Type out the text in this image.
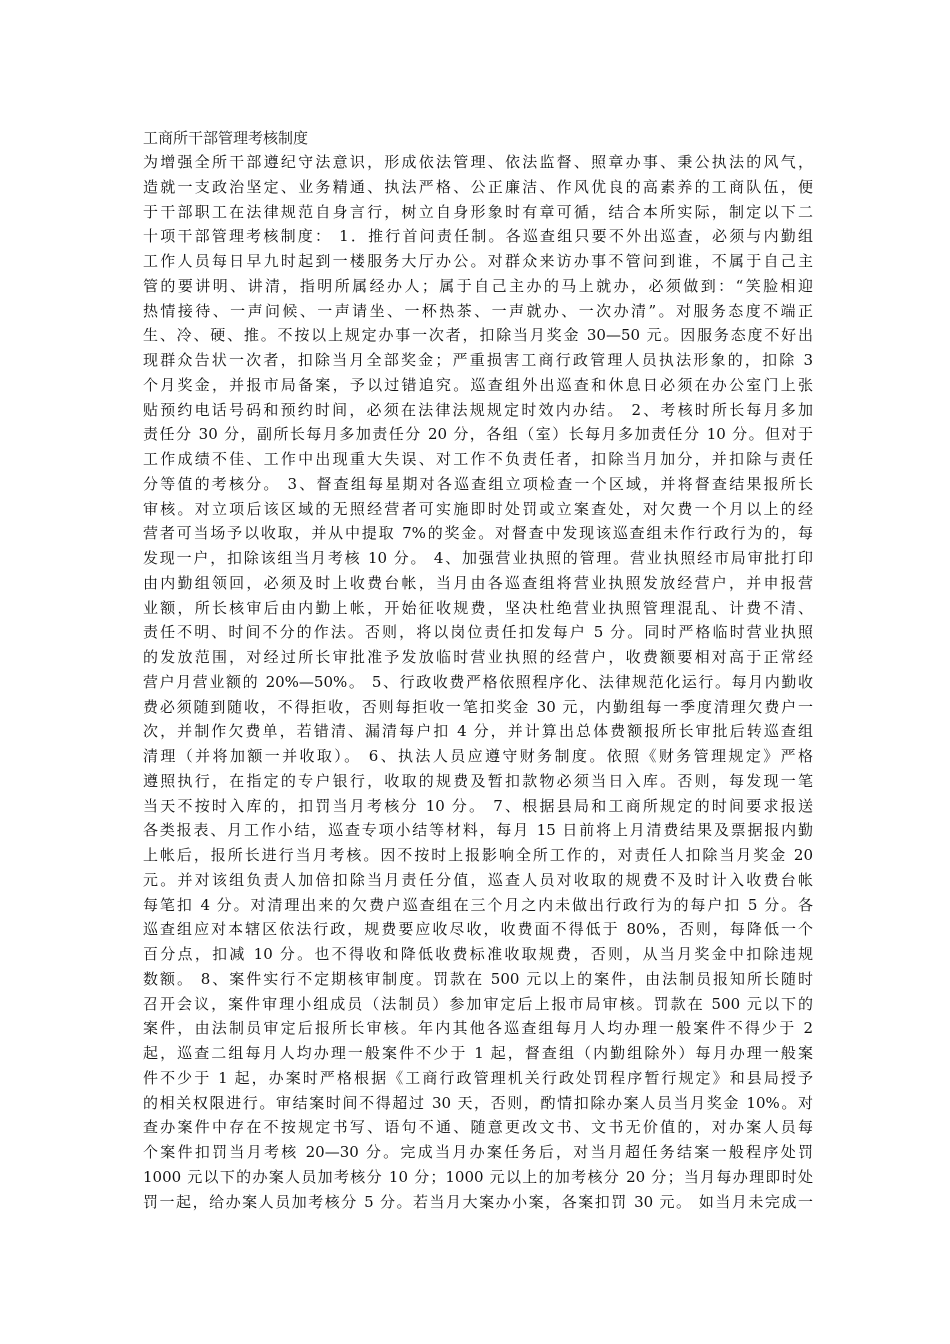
工商所干部管理考核制度
为增强全所干部遵纪守法意识，形成依法管理、依法监督、照章办事、秉公执法的风气，
造就一支政治坚定、业务精通、执法严格、公正廉洁、作风优良的高素养的工商队伍，便
于干部职工在法律规范自身言行，树立自身形象时有章可循，结合本所实际，制定以下二
十项干部管理考核制度： 1．推行首问责任制。各巡查组只要不外出巡查，必须与内勤组
工作人员每日早九时起到一楼服务大厅办公。对群众来访办事不管问到谁，不属于自己主
管的要讲明、讲清，指明所属经办人；属于自己主办的马上就办，必须做到：“笑脸相迎
热情接待、一声问候、一声请坐、一杯热茶、一声就办、一次办清”。对服务态度不端正
生、冷、硬、推。不按以上规定办事一次者，扣除当月奖金 30—50 元。因服务态度不好出
现群众告状一次者，扣除当月全部奖金；严重损害工商行政管理人员执法形象的，扣除 3
个月奖金，并报市局备案，予以过错追究。巡查组外出巡查和休息日必须在办公室门上张
贴预约电话号码和预约时间，必须在法律法规规定时效内办结。 2、考核时所长每月多加
责任分 30 分，副所长每月多加责任分 20 分，各组（室）长每月多加责任分 10 分。但对于
工作成绩不佳、工作中出现重大失误、对工作不负责任者，扣除当月加分，并扣除与责任
分等值的考核分。 3、督查组每星期对各巡查组立项检查一个区域，并将督查结果报所长
审核。对立项后该区域的无照经营者可实施即时处罚或立案查处，对欠费一个月以上的经
营者可当场予以收取，并从中提取 7%的奖金。对督查中发现该巡查组未作行政行为的，每
发现一户，扣除该组当月考核 10 分。 4、加强营业执照的管理。营业执照经市局审批打印
由内勤组领回，必须及时上收费台帐，当月由各巡查组将营业执照发放经营户，并申报营
业额，所长核审后由内勤上帐，开始征收规费，坚决杜绝营业执照管理混乱、计费不清、
责任不明、时间不分的作法。否则，将以岗位责任扣发每户 5 分。同时严格临时营业执照
的发放范围，对经过所长审批准予发放临时营业执照的经营户，收费额要相对高于正常经
营户月营业额的 20%—50%。 5、行政收费严格依照程序化、法律规范化运行。每月内勤收
费必须随到随收，不得拒收，否则每拒收一笔扣奖金 30 元，内勤组每一季度清理欠费户一
次，并制作欠费单，若错清、漏清每户扣 4 分，并计算出总体费额报所长审批后转巡查组
清理（并将加额一并收取）。 6、执法人员应遵守财务制度。依照《财务管理规定》严格
遵照执行，在指定的专户银行，收取的规费及暂扣款物必须当日入库。否则，每发现一笔
当天不按时入库的，扣罚当月考核分 10 分。 7、根据县局和工商所规定的时间要求报送
各类报表、月工作小结，巡查专项小结等材料，每月 15 日前将上月清费结果及票据报内勤
上帐后，报所长进行当月考核。因不按时上报影响全所工作的，对责任人扣除当月奖金 20
元。并对该组负责人加倍扣除当月责任分值，巡查人员对收取的规费不及时计入收费台帐
每笔扣 4 分。对清理出来的欠费户巡查组在三个月之内未做出行政行为的每户扣 5 分。各
巡查组应对本辖区依法行政，规费要应收尽收，收费面不得低于 80%，否则，每降低一个
百分点，扣减 10 分。也不得收和降低收费标准收取规费，否则，从当月奖金中扣除违规
数额。 8、案件实行不定期核审制度。罚款在 500 元以上的案件，由法制员报知所长随时
召开会议，案件审理小组成员（法制员）参加审定后上报市局审核。罚款在 500 元以下的
案件，由法制员审定后报所长审核。年内其他各巡查组每月人均办理一般案件不得少于 2
起，巡查二组每月人均办理一般案件不少于 1 起，督查组（内勤组除外）每月办理一般案
件不少于 1 起，办案时严格根据《工商行政管理机关行政处罚程序暂行规定》和县局授予
的相关权限进行。审结案时间不得超过 30 天，否则，酌情扣除办案人员当月奖金 10%。对
查办案件中存在不按规定书写、语句不通、随意更改文书、文书无价值的，对办案人员每
个案件扣罚当月考核 20—30 分。完成当月办案任务后，对当月超任务结案一般程序处罚
1000 元以下的办案人员加考核分 10 分；1000 元以上的加考核分 20 分；当月每办理即时处
罚一起，给办案人员加考核分 5 分。若当月大案办小案，各案扣罚 30 元。 如当月未完成一
